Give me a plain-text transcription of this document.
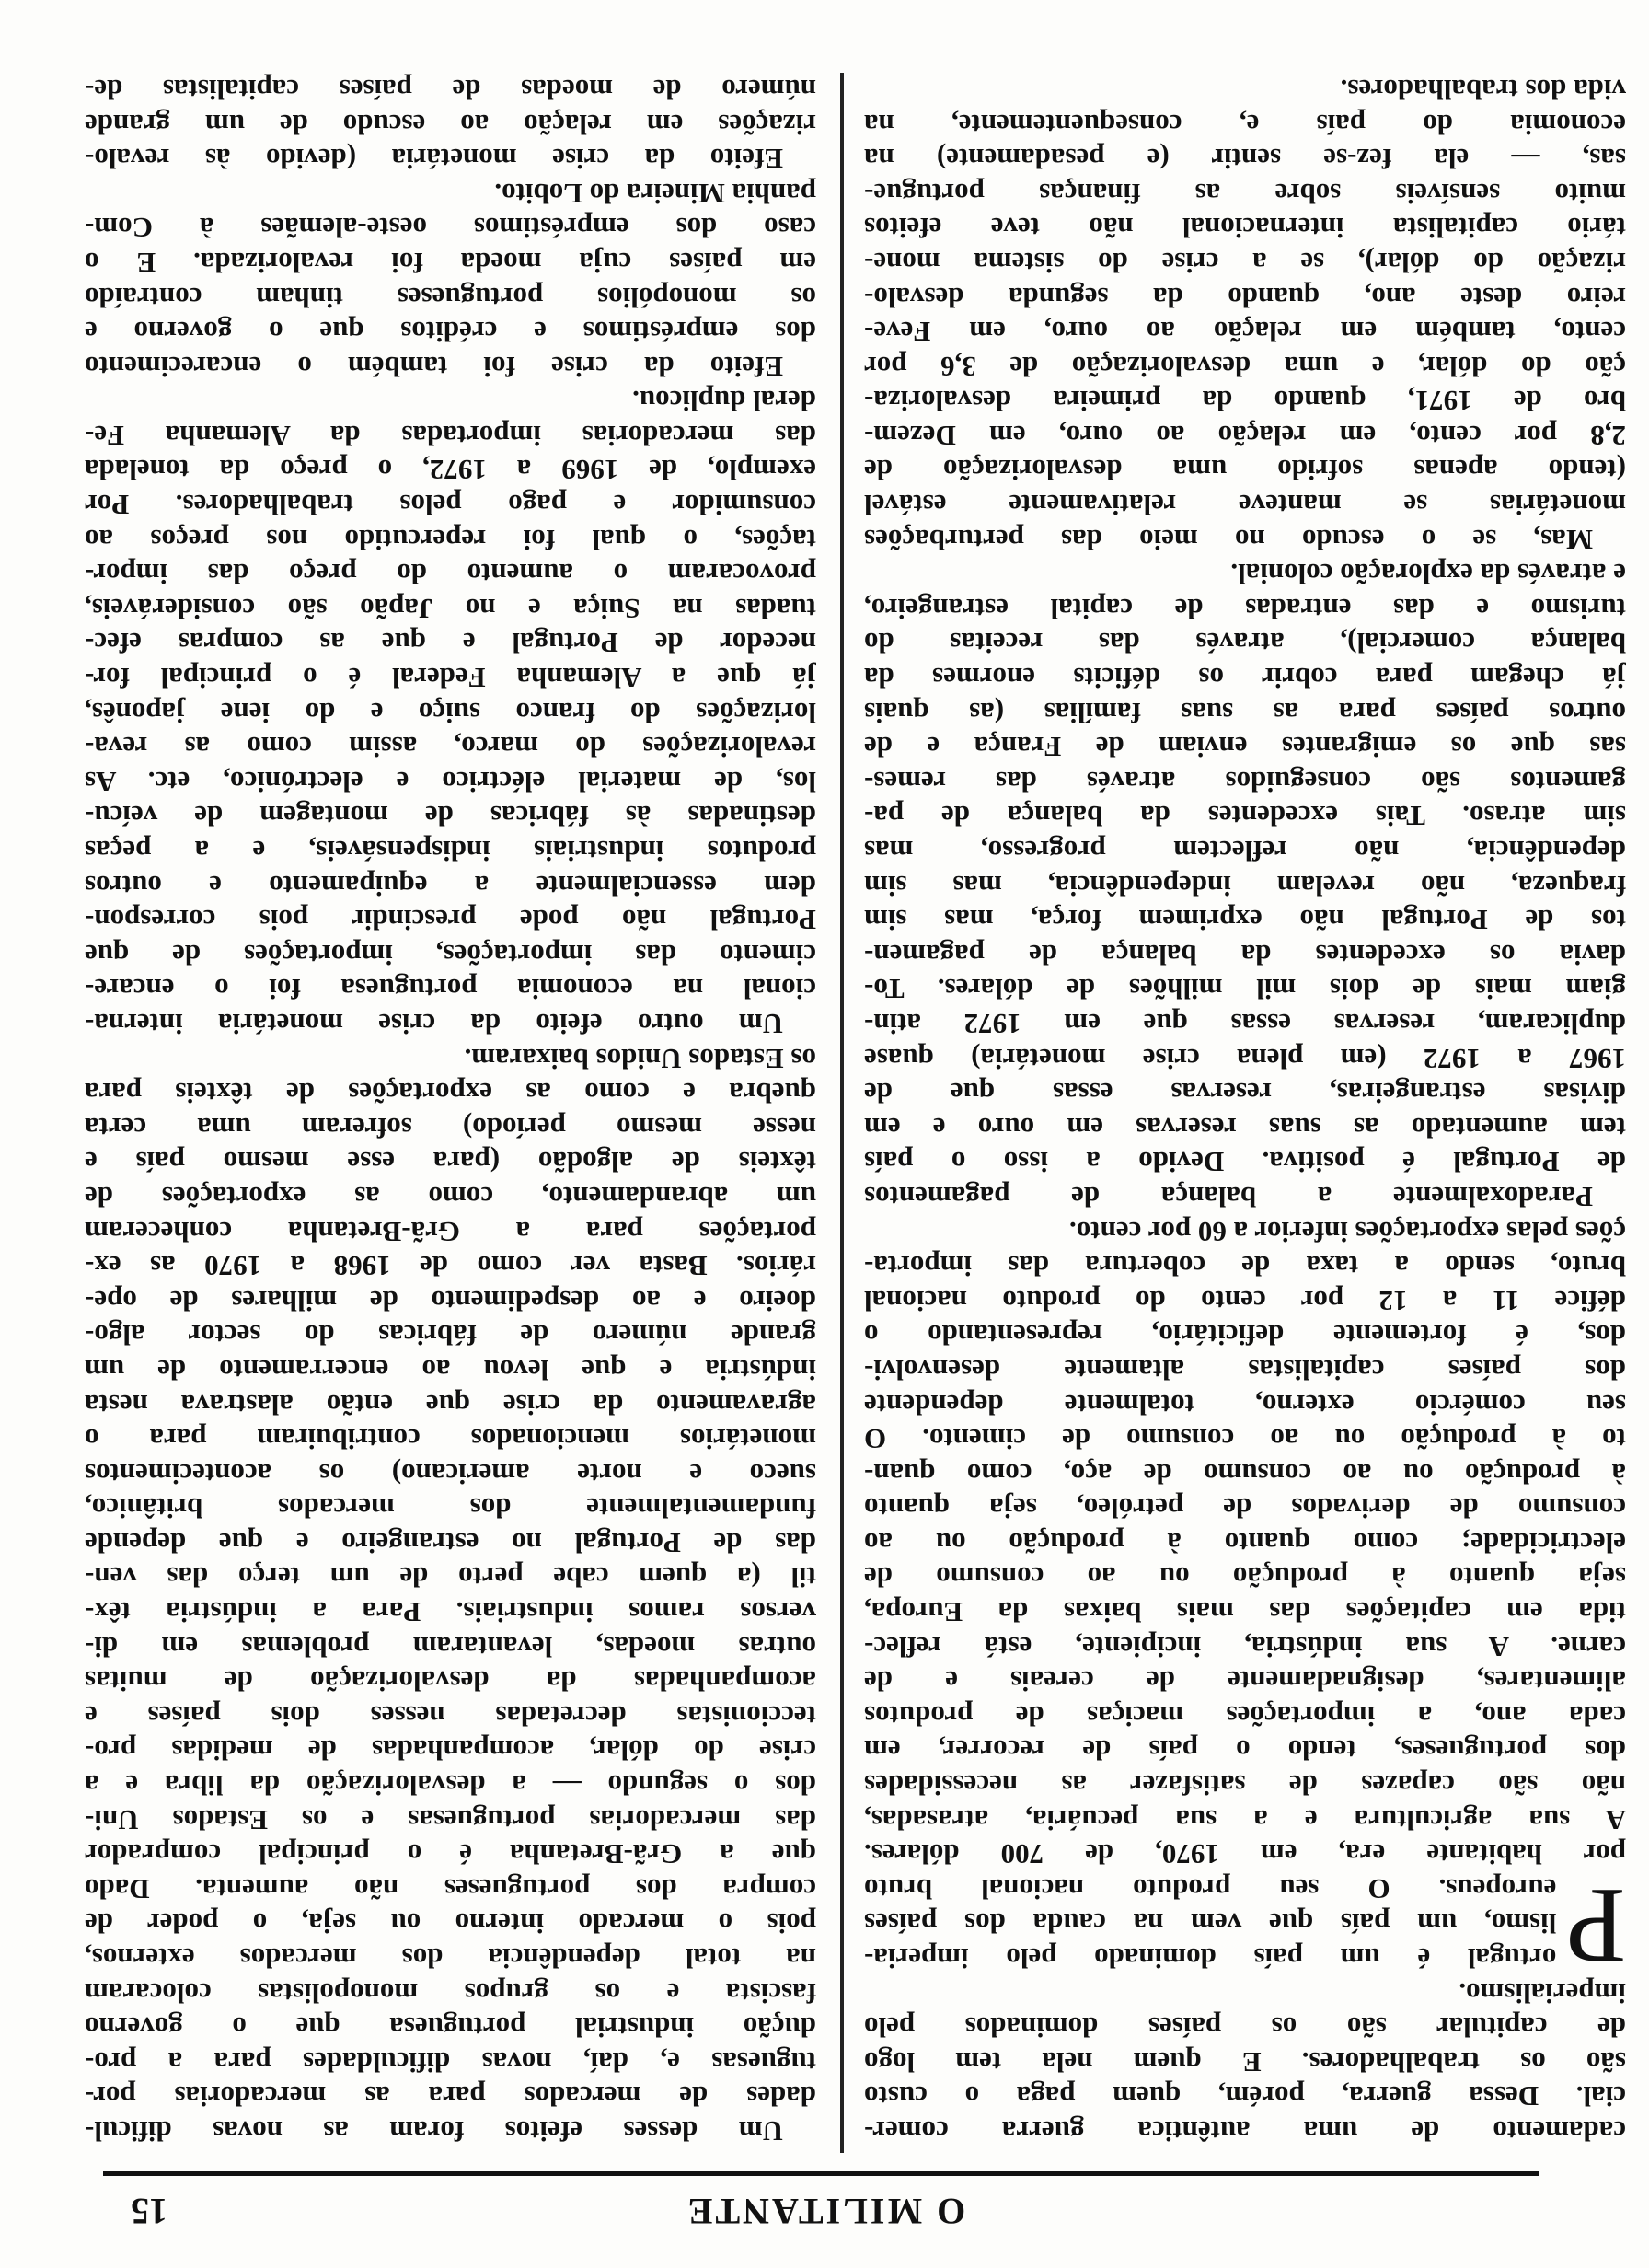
O MILITANTE
15
cadamento de uma autêntica guerra comer-
cial. Dessa guerra, porém, quem paga o custo
são os trabalhadores. E quem nela tem logo
de capitular são os países dominados pelo
imperialismo.
P
ortugal é um país dominado pelo imperia-
lismo, um país que vem na cauda dos países
europeus. O seu produto nacional bruto
por habitante era, em 1970, de 700 dólares.
A sua agricultura e a sua pecuária, atrasadas,
não são capazes de satisfazer as necessidades
dos portugueses, tendo o país de recorrer, em
cada ano, a importações maciças de produtos
alimentares, designadamente de cereais e de
carne. A sua indústria, incipiente, está reflec-
tida em capitações das mais baixas da Europa,
seja quanto à produção ou ao consumo de
electricidade; como quanto à produção ou ao
consumo de derivados de petróleo, seja quanto
à produção ou ao consumo de aço, como quan-
to à produção ou ao consumo de cimento. O
seu comércio externo, totalmente dependente
dos países capitalistas altamente desenvolvi-
dos, é fortemente deficitário, representando o
défice 11 a 12 por cento do produto nacional
bruto, sendo a taxa de cobertura das importa-
ções pelas exportações inferior a 60 por cento.
Paradoxalmente a balança de pagamentos
de Portugal é positiva. Devido a isso o país
tem aumentado as suas reservas em ouro e em
divisas estrangeiras, reservas essas que de
1967 a 1972 (em plena crise monetária) quase
duplicaram, reservas essas que em 1972 atin-
giam mais de dois mil milhões de dólares. To-
davia os excedentes da balança de pagamen-
tos de Portugal não exprimem força, mas sim
fraqueza, não revelam independência, mas sim
dependência, não reflectem progresso, mas
sim atraso. Tais excedentes da balança de pa-
gamentos são conseguidos através das remes-
sas que os emigrantes enviam de França e de
outros países para as suas famílias (as quais
já chegam para cobrir os déficits enormes da
balança comercial), através das receitas do
turismo e das entradas de capital estrangeiro,
e através da exploração colonial.
Mas, se o escudo no meio das perturbações
monetárias se manteve relativamente estável
(tendo apenas sofrido uma desvalorização de
2,8 por cento, em relação ao ouro, em Dezem-
bro de 1971, quando da primeira desvaloriza-
ção do dólar, e uma desvalorização de 3,6 por
cento, também em relação ao ouro, em Feve-
reiro deste ano, quando da segunda desvalo-
rização do dólar), se a crise do sistema mone-
tário capitalista internacional não teve efeitos
muito sensíveis sobre as finanças portugue-
sas, — ela fez-se sentir (e pesadamente) na
economia do país e, consequentemente, na
vida dos trabalhadores.
Um desses efeitos foram as novas dificul-
dades de mercados para as mercadorias por-
tuguesas e, daí, novas dificuldades para a pro-
dução industrial portuguesa que o governo
fascista e os grupos monopolistas colocaram
na total dependência dos mercados externos,
pois o mercado interno ou seja, o poder de
compra dos portugueses não aumenta. Dado
que a Grã-Bretanha é o principal comprador
das mercadorias portuguesas e os Estados Uni-
dos o segundo — a desvalorização da libra e a
crise do dólar, acompanhadas de medidas pro-
teccionistas decretadas nesses dois países e
acompanhadas da desvalorização de muitas
outras moedas, levantaram problemas em di-
versos ramos industriais. Para a indústria têx-
til (a quem cabe perto de um terço das ven-
das de Portugal no estrangeiro e que depende
fundamentalmente dos mercados britânico,
sueco e norte americano) os acontecimentos
monetários mencionados contribuiram para o
agravamento da crise que então alastrava nesta
indústria e que levou ao encerramento de um
grande número de fábricas do sector algo-
doeiro e ao despedimento de milhares de ope-
rários. Basta ver como de 1968 a 1970 as ex-
portações para a Grã-Bretanha conheceram
um abrandamento, como as exportações de
têxteis de algodão (para esse mesmo país e
nesse mesmo período) sofreram uma certa
quebra e como as exportações de têxteis para
os Estados Unidos baixaram.
Um outro efeito da crise monetária interna-
cional na economia portuguesa foi o encare-
cimento das importações, importações de que
Portugal não pode prescindir pois correspon-
dem essencialmente a equipamento e outros
produtos industriais indispensáveis, e a peças
destinadas às fábricas de montagem de veícu-
los, de material eléctrico e electrónico, etc. As
revalorizações do marco, assim como as reva-
lorizações do franco suiço e do iene japonês,
já que a Alemanha Federal é o principal for-
necedor de Portugal e que as compras efec-
tuadas na Suiça e no Japão são consideráveis,
provocaram o aumento do preço das impor-
tações, o qual foi repercutido nos preços ao
consumidor e pago pelos trabalhadores. Por
exemplo, de 1969 a 1972, o preço da tonelada
das mercadorias importadas da Alemanha Fe-
deral duplicou.
Efeito da crise foi também o encarecimento
dos empréstimos e créditos que o governo e
os monopólios portugueses tinham contraído
em países cuja moeda foi revalorizada. E o
caso dos empréstimos oeste-alemães à Com-
panhia Mineira do Lobito.
Efeito da crise monetária (devido às revalo-
rizações em relação ao escudo de um grande
número de moedas de países capitalistas de-
